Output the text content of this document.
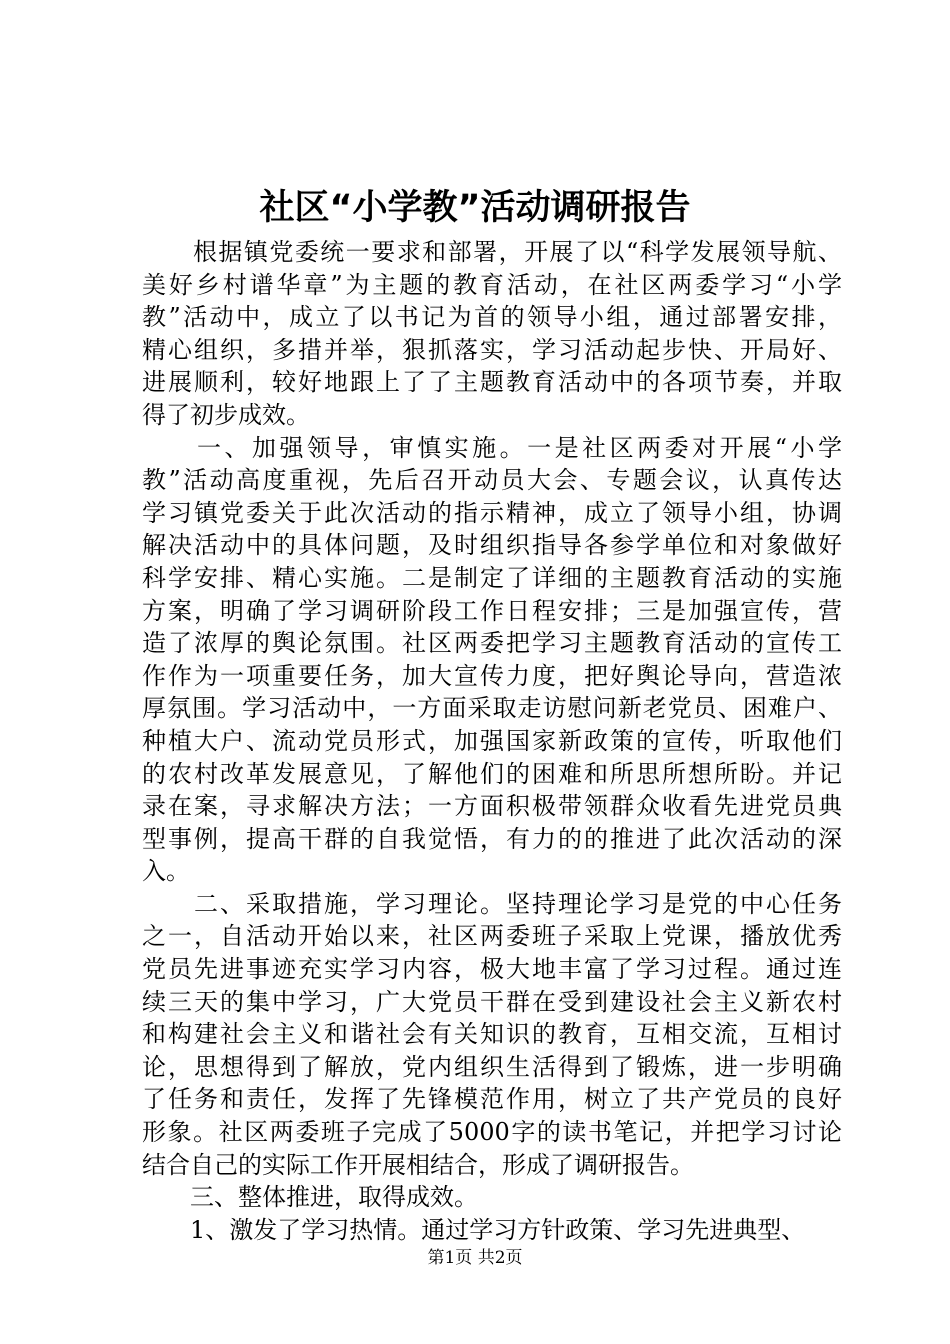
社区“小学教”活动调研报告
　　根据镇党委统一要求和部署，开展了以“科学发展领导航、
美好乡村谱华章”为主题的教育活动，在社区两委学习“小学
教”活动中，成立了以书记为首的领导小组，通过部署安排，
精心组织，多措并举，狠抓落实，学习活动起步快、开局好、
进展顺利，较好地跟上了了主题教育活动中的各项节奏，并取
得了初步成效。
　　一、加强领导，审慎实施。一是社区两委对开展“小学
教”活动高度重视，先后召开动员大会、专题会议，认真传达
学习镇党委关于此次活动的指示精神，成立了领导小组，协调
解决活动中的具体问题，及时组织指导各参学单位和对象做好
科学安排、精心实施。二是制定了详细的主题教育活动的实施
方案，明确了学习调研阶段工作日程安排；三是加强宣传，营
造了浓厚的舆论氛围。社区两委把学习主题教育活动的宣传工
作作为一项重要任务，加大宣传力度，把好舆论导向，营造浓
厚氛围。学习活动中，一方面采取走访慰问新老党员、困难户、
种植大户、流动党员形式，加强国家新政策的宣传，听取他们
的农村改革发展意见，了解他们的困难和所思所想所盼。并记
录在案，寻求解决方法；一方面积极带领群众收看先进党员典
型事例，提高干群的自我觉悟，有力的的推进了此次活动的深
入。
　　二、采取措施，学习理论。坚持理论学习是党的中心任务
之一，自活动开始以来，社区两委班子采取上党课，播放优秀
党员先进事迹充实学习内容，极大地丰富了学习过程。通过连
续三天的集中学习，广大党员干群在受到建设社会主义新农村
和构建社会主义和谐社会有关知识的教育，互相交流，互相讨
论，思想得到了解放，党内组织生活得到了锻炼，进一步明确
了任务和责任，发挥了先锋模范作用，树立了共产党员的良好
形象。社区两委班子完成了5000字的读书笔记，并把学习讨论
结合自己的实际工作开展相结合，形成了调研报告。
　　三、整体推进，取得成效。
　　1、激发了学习热情。通过学习方针政策、学习先进典型、
第1页 共2页
